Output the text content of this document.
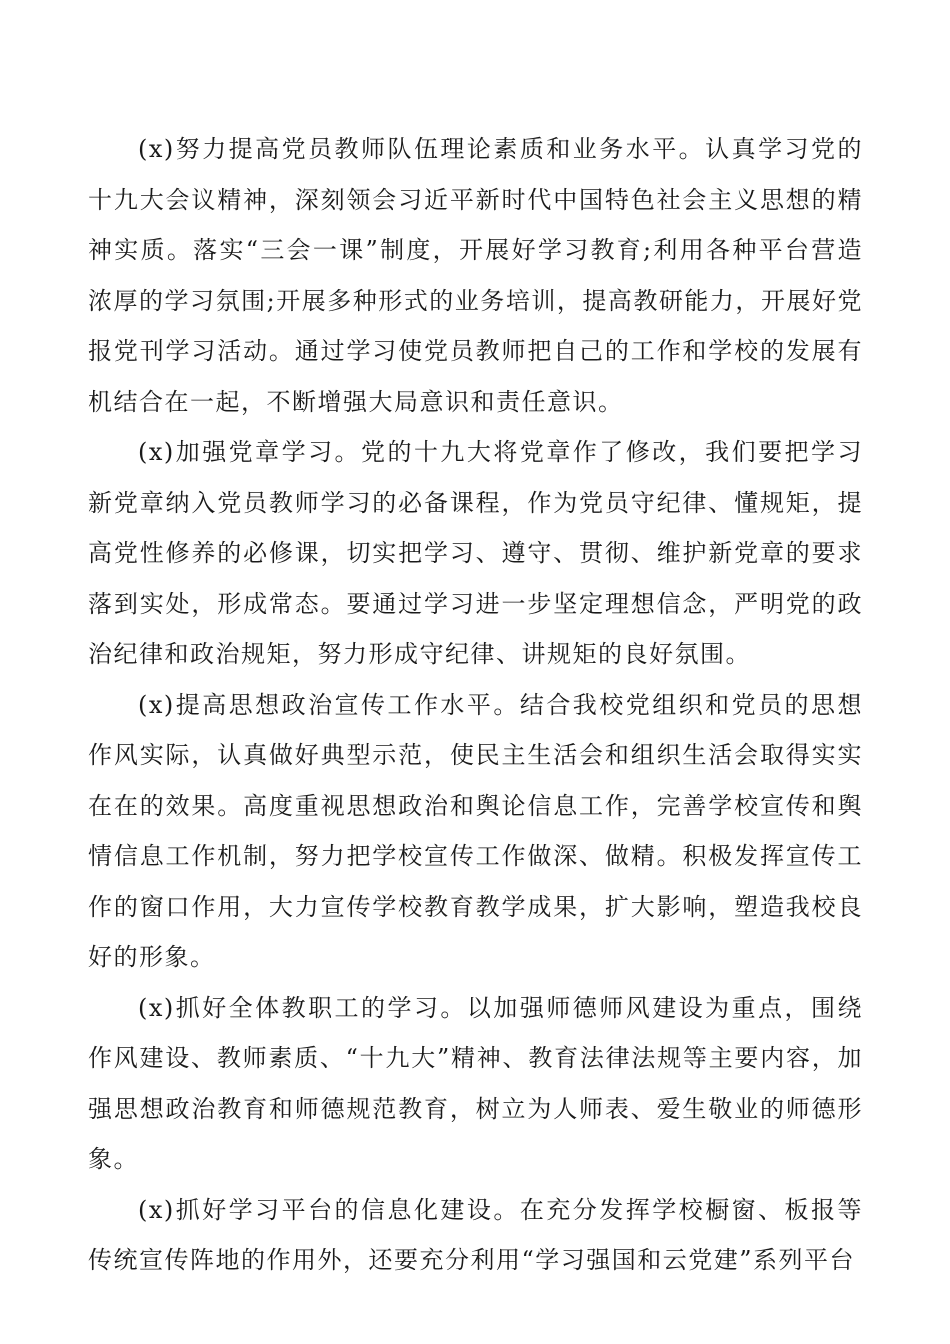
(x)努力提高党员教师队伍理论素质和业务水平。认真学习党的十九大会议精神，深刻领会习近平新时代中国特色社会主义思想的精神实质。落实“三会一课”制度，开展好学习教育;利用各种平台营造浓厚的学习氛围;开展多种形式的业务培训，提高教研能力，开展好党报党刊学习活动。通过学习使党员教师把自己的工作和学校的发展有机结合在一起，不断增强大局意识和责任意识。

(x)加强党章学习。党的十九大将党章作了修改，我们要把学习新党章纳入党员教师学习的必备课程，作为党员守纪律、懂规矩，提高党性修养的必修课，切实把学习、遵守、贯彻、维护新党章的要求落到实处，形成常态。要通过学习进一步坚定理想信念，严明党的政治纪律和政治规矩，努力形成守纪律、讲规矩的良好氛围。

(x)提高思想政治宣传工作水平。结合我校党组织和党员的思想作风实际，认真做好典型示范，使民主生活会和组织生活会取得实实在在的效果。高度重视思想政治和舆论信息工作，完善学校宣传和舆情信息工作机制，努力把学校宣传工作做深、做精。积极发挥宣传工作的窗口作用，大力宣传学校教育教学成果，扩大影响，塑造我校良好的形象。

(x)抓好全体教职工的学习。以加强师德师风建设为重点，围绕作风建设、教师素质、“十九大”精神、教育法律法规等主要内容，加强思想政治教育和师德规范教育，树立为人师表、爱生敬业的师德形象。

(x)抓好学习平台的信息化建设。在充分发挥学校橱窗、板报等传统宣传阵地的作用外，还要充分利用“学习强国和云党建”系列平台
